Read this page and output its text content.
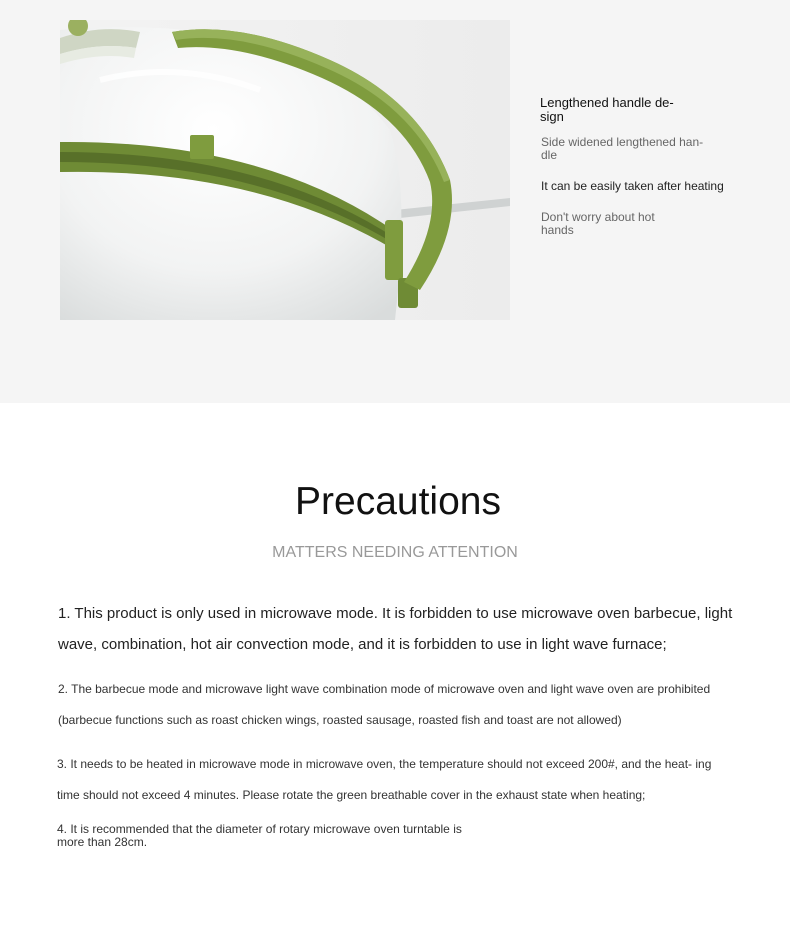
Lengthened handle de- sign

Side widened lengthened han- dle

It can be easily taken after heating

Don't worry about hot hands

Precautions

MATTERS NEEDING ATTENTION

1. This product is only used in microwave mode. It is forbidden to use microwave oven barbecue, light wave, combination, hot air convection mode, and it is forbidden to use in light wave furnace;

2. The barbecue mode and microwave light wave combination mode of microwave oven and light wave oven are prohibited (barbecue functions such as roast chicken wings, roasted sausage, roasted fish and toast are not allowed)

3. It needs to be heated in microwave mode in microwave oven, the temperature should not exceed 200#, and the heat- ing time should not exceed 4 minutes. Please rotate the green breathable cover in the exhaust state when heating;

4. It is recommended that the diameter of rotary microwave oven turntable is more than 28cm.
